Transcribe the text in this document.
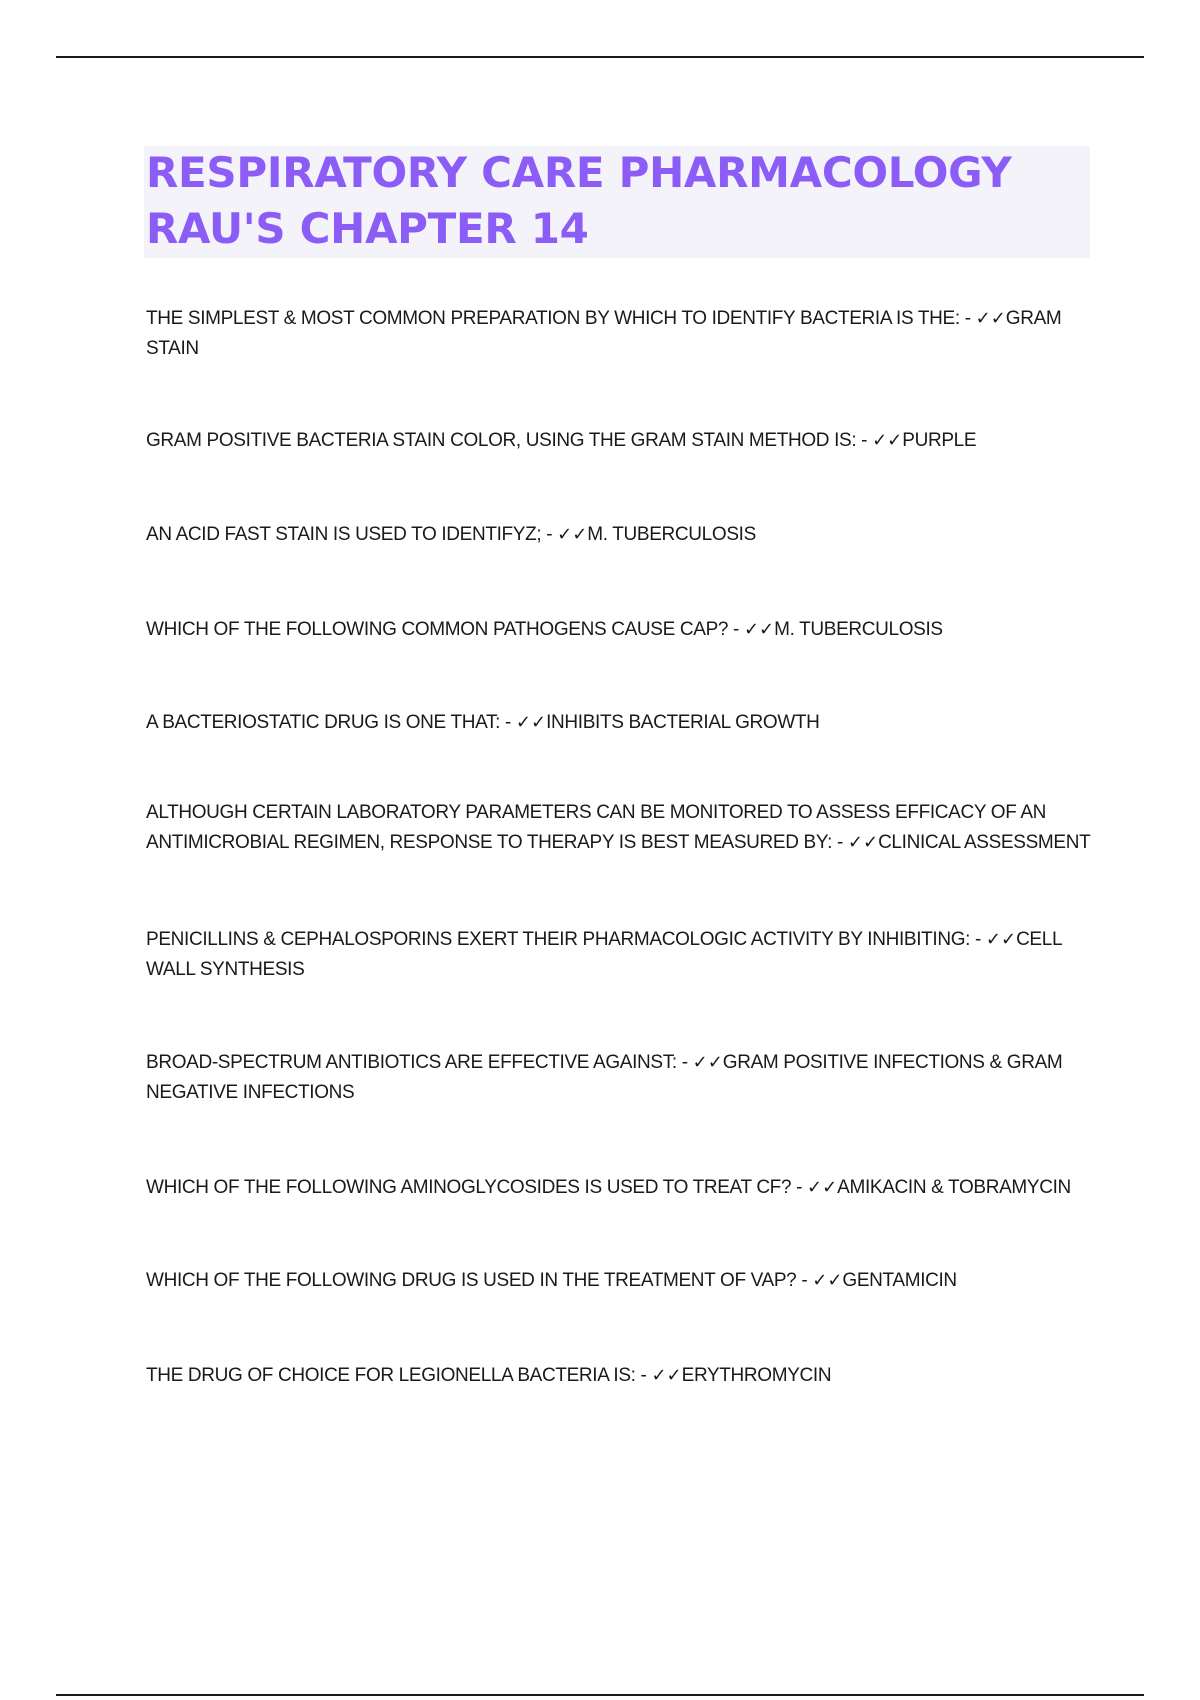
RESPIRATORY CARE PHARMACOLOGY
RAU'S CHAPTER 14

THE SIMPLEST & MOST COMMON PREPARATION BY WHICH TO IDENTIFY BACTERIA IS THE: - ✓✓GRAM STAIN

GRAM POSITIVE BACTERIA STAIN COLOR, USING THE GRAM STAIN METHOD IS: - ✓✓PURPLE

AN ACID FAST STAIN IS USED TO IDENTIFYZ; - ✓✓M. TUBERCULOSIS

WHICH OF THE FOLLOWING COMMON PATHOGENS CAUSE CAP? - ✓✓M. TUBERCULOSIS

A BACTERIOSTATIC DRUG IS ONE THAT: - ✓✓INHIBITS BACTERIAL GROWTH

ALTHOUGH CERTAIN LABORATORY PARAMETERS CAN BE MONITORED TO ASSESS EFFICACY OF AN ANTIMICROBIAL REGIMEN, RESPONSE TO THERAPY IS BEST MEASURED BY: - ✓✓CLINICAL ASSESSMENT

PENICILLINS & CEPHALOSPORINS EXERT THEIR PHARMACOLOGIC ACTIVITY BY INHIBITING: - ✓✓CELL WALL SYNTHESIS

BROAD-SPECTRUM ANTIBIOTICS ARE EFFECTIVE AGAINST: - ✓✓GRAM POSITIVE INFECTIONS & GRAM NEGATIVE INFECTIONS

WHICH OF THE FOLLOWING AMINOGLYCOSIDES IS USED TO TREAT CF? - ✓✓AMIKACIN & TOBRAMYCIN

WHICH OF THE FOLLOWING DRUG IS USED IN THE TREATMENT OF VAP? - ✓✓GENTAMICIN

THE DRUG OF CHOICE FOR LEGIONELLA BACTERIA IS: - ✓✓ERYTHROMYCIN
